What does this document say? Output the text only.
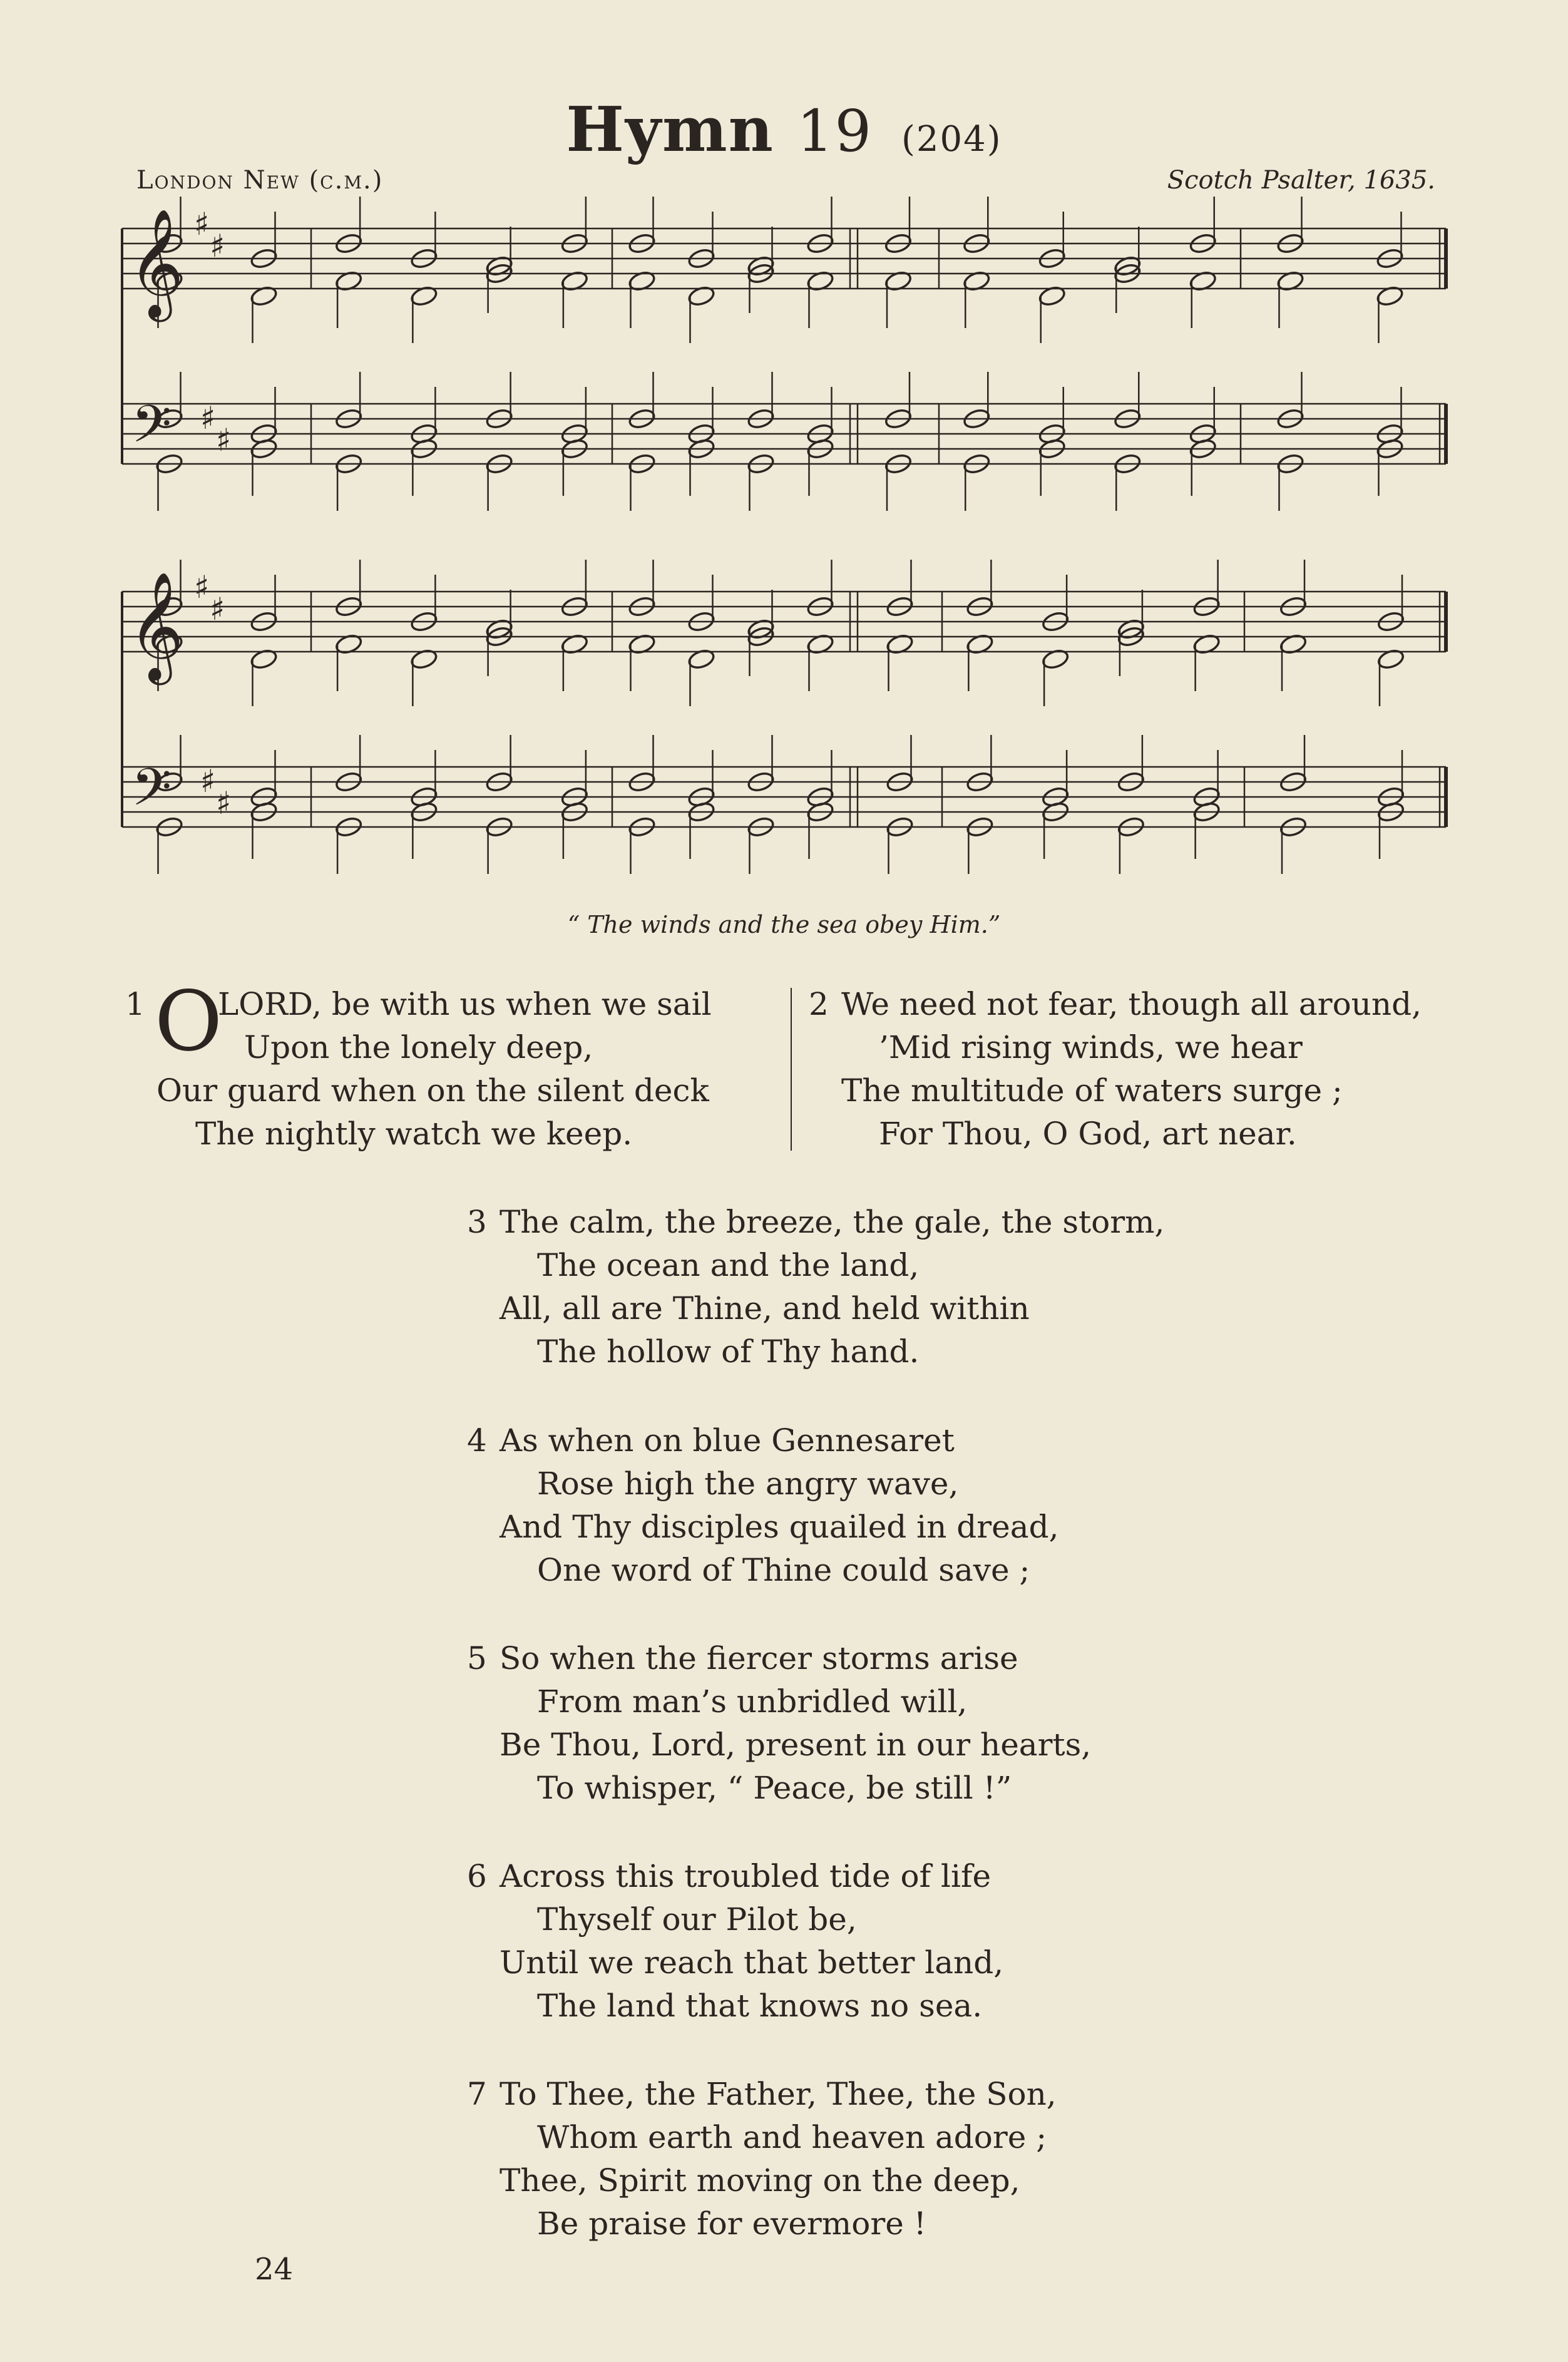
Hymn 19 (204)
London New (c.m.)	Scotch Psalter, 1635.
𝄞
𝄢
♯
♯
♯
♯
𝄞
𝄢
♯
♯
♯
♯
“ The winds and the sea obey Him.”
O
1	LORD, be with us when we sail
Upon the lonely deep,
Our guard when on the silent deck
The nightly watch we keep.
2 We need not fear, though all around,
’Mid rising winds, we hear
The multitude of waters surge ;
For Thou, O God, art near.
3 The calm, the breeze, the gale, the storm,
The ocean and the land,
All, all are Thine, and held within
The hollow of Thy hand.
4 As when on blue Gennesaret
Rose high the angry wave,
And Thy disciples quailed in dread,
One word of Thine could save ;
5 So when the fiercer storms arise
From man’s unbridled will,
Be Thou, Lord, present in our hearts,
To whisper, “ Peace, be still !”
6 Across this troubled tide of life
Thyself our Pilot be,
Until we reach that better land,
The land that knows no sea.
7 To Thee, the Father, Thee, the Son,
Whom earth and heaven adore ;
Thee, Spirit moving on the deep,
Be praise for evermore !
24
